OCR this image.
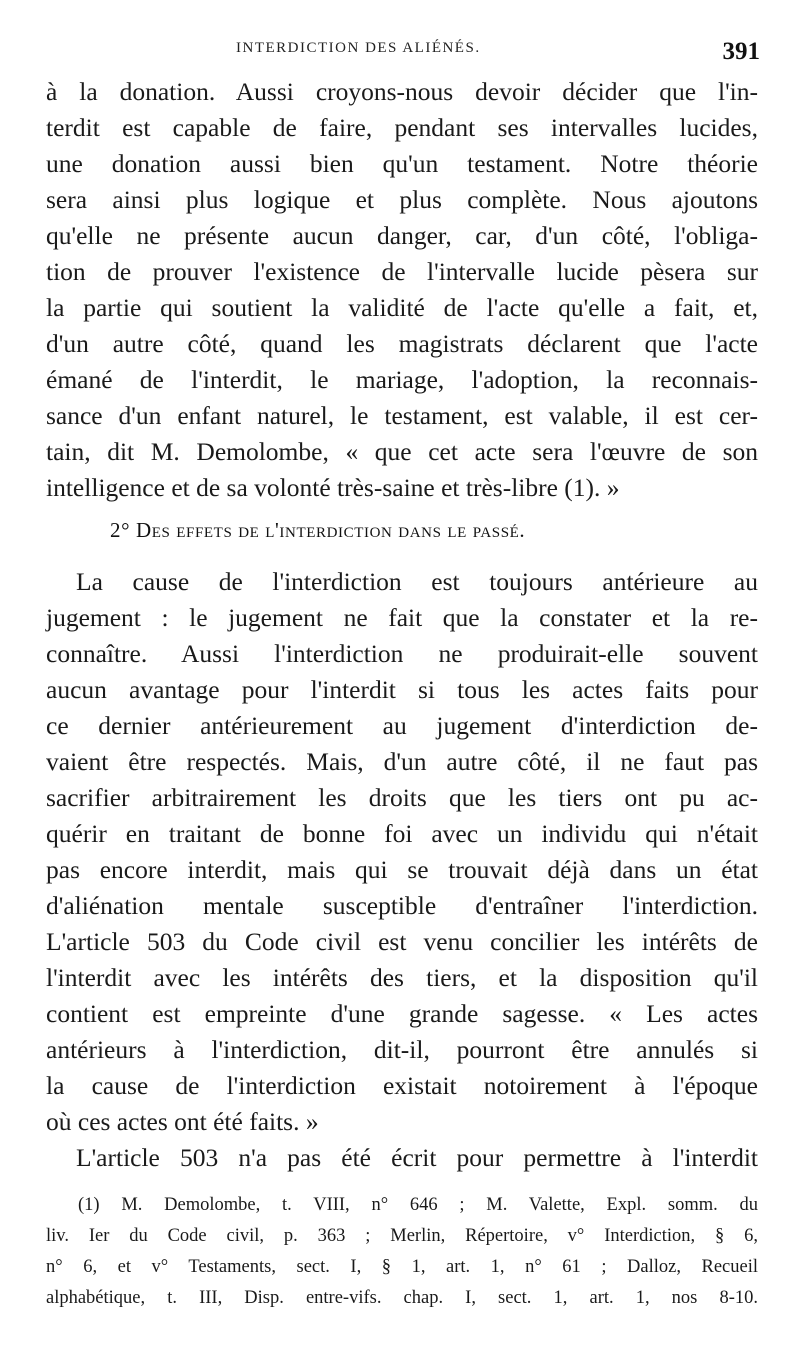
INTERDICTION DES ALIÉNÉS.	391
à la donation. Aussi croyons-nous devoir décider que l'in-
terdit est capable de faire, pendant ses intervalles lucides,
une donation aussi bien qu'un testament. Notre théorie
sera ainsi plus logique et plus complète. Nous ajoutons
qu'elle ne présente aucun danger, car, d'un côté, l'obliga-
tion de prouver l'existence de l'intervalle lucide pèsera sur
la partie qui soutient la validité de l'acte qu'elle a fait, et,
d'un autre côté, quand les magistrats déclarent que l'acte
émané de l'interdit, le mariage, l'adoption, la reconnais-
sance d'un enfant naturel, le testament, est valable, il est cer-
tain, dit M. Demolombe, « que cet acte sera l'œuvre de son
intelligence et de sa volonté très-saine et très-libre (1). »
2° Des effets de l'interdiction dans le passé.
La cause de l'interdiction est toujours antérieure au
jugement : le jugement ne fait que la constater et la re-
connaître. Aussi l'interdiction ne produirait-elle souvent
aucun avantage pour l'interdit si tous les actes faits pour
ce dernier antérieurement au jugement d'interdiction de-
vaient être respectés. Mais, d'un autre côté, il ne faut pas
sacrifier arbitrairement les droits que les tiers ont pu ac-
quérir en traitant de bonne foi avec un individu qui n'était
pas encore interdit, mais qui se trouvait déjà dans un état
d'aliénation mentale susceptible d'entraîner l'interdiction.
L'article 503 du Code civil est venu concilier les intérêts de
l'interdit avec les intérêts des tiers, et la disposition qu'il
contient est empreinte d'une grande sagesse. « Les actes
antérieurs à l'interdiction, dit-il, pourront être annulés si
la cause de l'interdiction existait notoirement à l'époque
où ces actes ont été faits. »
L'article 503 n'a pas été écrit pour permettre à l'interdit
(1) M. Demolombe, t. VIII, n° 646 ; M. Valette, Expl. somm. du
liv. Ier du Code civil, p. 363 ; Merlin, Répertoire, v° Interdiction, § 6,
n° 6, et v° Testaments, sect. I, § 1, art. 1, n° 61 ; Dalloz, Recueil
alphabétique, t. III, Disp. entre-vifs. chap. I, sect. 1, art. 1, nos 8-10.
